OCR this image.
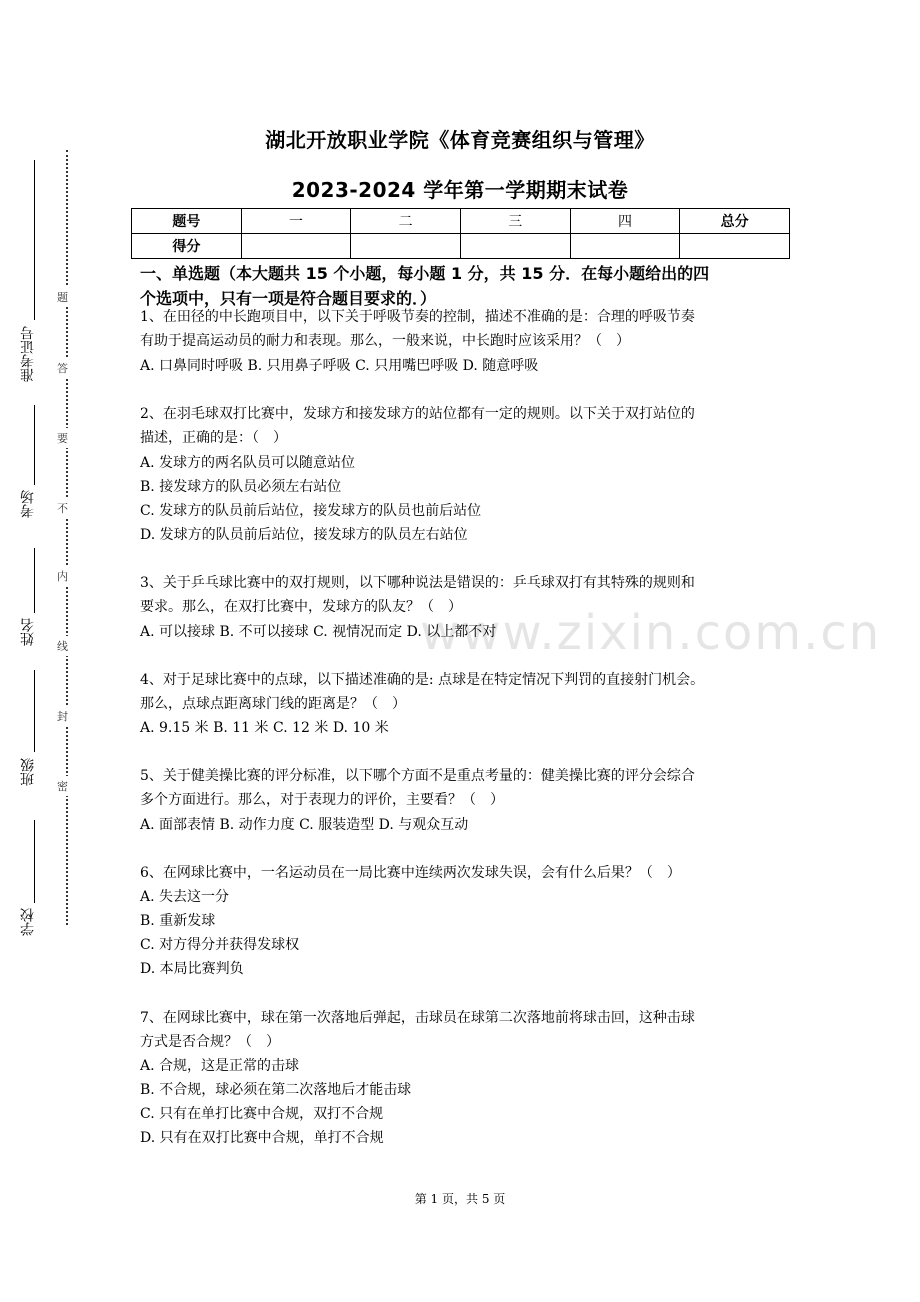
题
答
要
不
内
线
封
密
准考证号
考场
姓名
班级
学校
湖北开放职业学院《体育竞赛组织与管理》
2023-2024 学年第一学期期末试卷
题号	一	二	三	四	总分
得分					
一、单选题（本大题共 15 个小题，每小题 1 分，共 15 分．在每小题给出的四
个选项中，只有一项是符合题目要求的．）
1、在田径的中长跑项目中，以下关于呼吸节奏的控制，描述不准确的是：合理的呼吸节奏
有助于提高运动员的耐力和表现。那么，一般来说，中长跑时应该采用？（　）
A. 口鼻同时呼吸 B. 只用鼻子呼吸 C. 只用嘴巴呼吸 D. 随意呼吸
2、在羽毛球双打比赛中，发球方和接发球方的站位都有一定的规则。以下关于双打站位的
描述，正确的是：（　）
A. 发球方的两名队员可以随意站位
B. 接发球方的队员必须左右站位
C. 发球方的队员前后站位，接发球方的队员也前后站位
D. 发球方的队员前后站位，接发球方的队员左右站位
3、关于乒乓球比赛中的双打规则，以下哪种说法是错误的：乒乓球双打有其特殊的规则和
要求。那么，在双打比赛中，发球方的队友？（　）
A. 可以接球 B. 不可以接球 C. 视情况而定 D. 以上都不对
4、对于足球比赛中的点球，以下描述准确的是: 点球是在特定情况下判罚的直接射门机会。
那么，点球点距离球门线的距离是？（　）
A. 9.15 米 B. 11 米 C. 12 米 D. 10 米
5、关于健美操比赛的评分标准，以下哪个方面不是重点考量的：健美操比赛的评分会综合
多个方面进行。那么，对于表现力的评价，主要看？（　）
A. 面部表情 B. 动作力度 C. 服装造型 D. 与观众互动
6、在网球比赛中，一名运动员在一局比赛中连续两次发球失误，会有什么后果？（　）
A. 失去这一分
B. 重新发球
C. 对方得分并获得发球权
D. 本局比赛判负
7、在网球比赛中，球在第一次落地后弹起，击球员在球第二次落地前将球击回，这种击球
方式是否合规？（　）
A. 合规，这是正常的击球
B. 不合规，球必须在第二次落地后才能击球
C. 只有在单打比赛中合规，双打不合规
D. 只有在双打比赛中合规，单打不合规
www.zixin.com.cn
第 1 页，共 5 页
